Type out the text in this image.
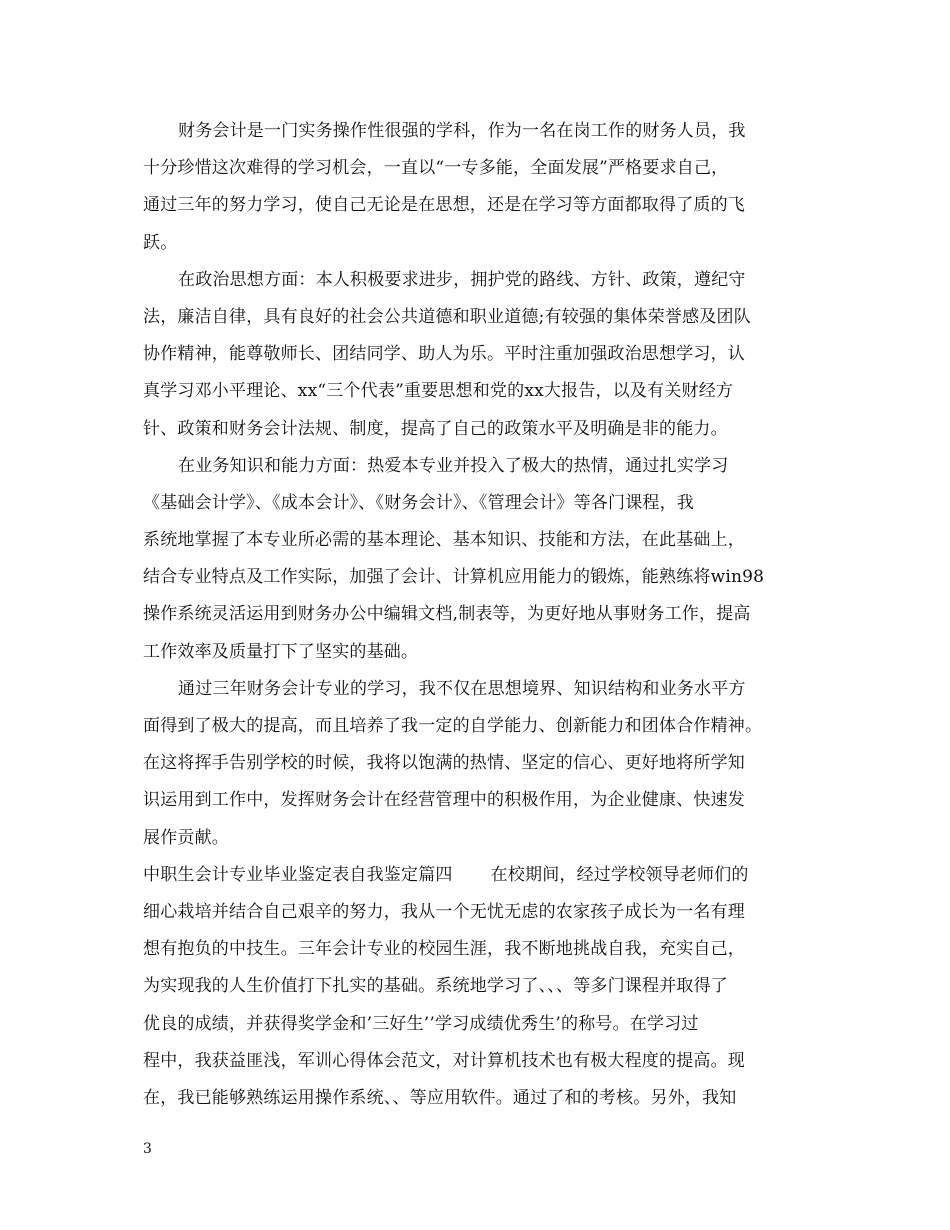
财务会计是一门实务操作性很强的学科，作为一名在岗工作的财务人员，我
十分珍惜这次难得的学习机会，一直以“一专多能，全面发展”严格要求自己，
通过三年的努力学习，使自己无论是在思想，还是在学习等方面都取得了质的飞
跃。
在政治思想方面：本人积极要求进步，拥护党的路线、方针、政策，遵纪守
法，廉洁自律，具有良好的社会公共道德和职业道德;有较强的集体荣誉感及团队
协作精神，能尊敬师长、团结同学、助人为乐。平时注重加强政治思想学习，认
真学习邓小平理论、xx“三个代表”重要思想和党的xx大报告，以及有关财经方
针、政策和财务会计法规、制度，提高了自己的政策水平及明确是非的能力。
在业务知识和能力方面：热爱本专业并投入了极大的热情，通过扎实学习
《基础会计学》、《成本会计》、《财务会计》、《管理会计》等各门课程，我
系统地掌握了本专业所必需的基本理论、基本知识、技能和方法，在此基础上，
结合专业特点及工作实际，加强了会计、计算机应用能力的锻炼，能熟练将win98
操作系统灵活运用到财务办公中编辑文档,制表等，为更好地从事财务工作，提高
工作效率及质量打下了坚实的基础。
通过三年财务会计专业的学习，我不仅在思想境界、知识结构和业务水平方
面得到了极大的提高，而且培养了我一定的自学能力、创新能力和团体合作精神。
在这将挥手告别学校的时候，我将以饱满的热情、坚定的信心、更好地将所学知
识运用到工作中，发挥财务会计在经营管理中的积极作用，为企业健康、快速发
展作贡献。
中职生会计专业毕业鉴定表自我鉴定篇四 在校期间，经过学校领导老师们的
细心栽培并结合自己艰辛的努力，我从一个无忧无虑的农家孩子成长为一名有理
想有抱负的中技生。三年会计专业的校园生涯，我不断地挑战自我，充实自己，
为实现我的人生价值打下扎实的基础。系统地学习了、、、等多门课程并取得了
优良的成绩，并获得奖学金和’三好生’’学习成绩优秀生’的称号。在学习过
程中，我获益匪浅，军训心得体会范文，对计算机技术也有极大程度的提高。现
在，我已能够熟练运用操作系统、、等应用软件。通过了和的考核。另外，我知
3
